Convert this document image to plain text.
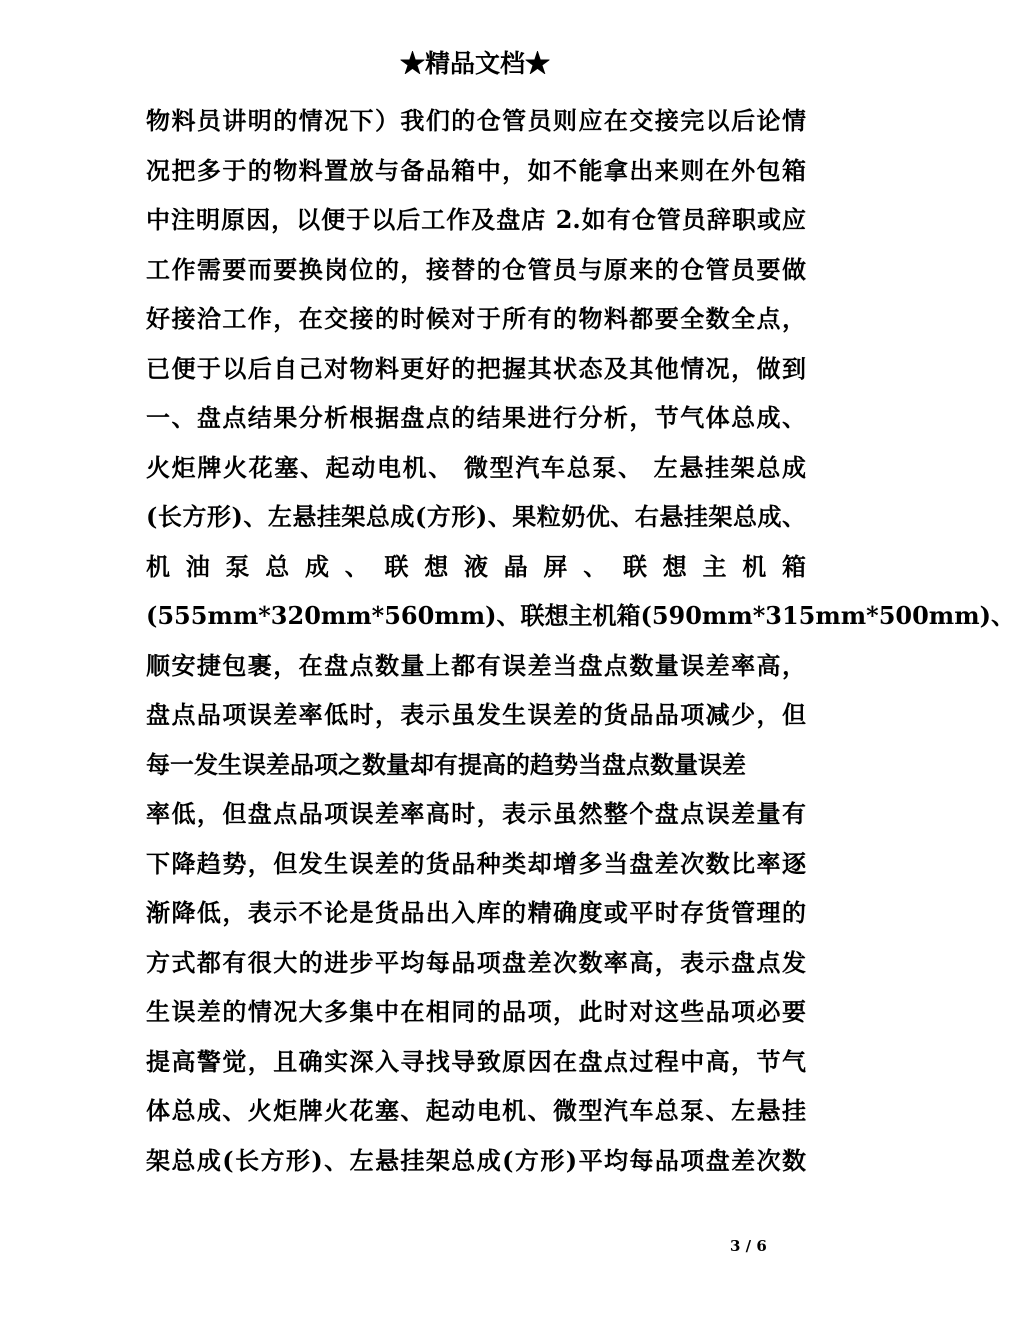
★精品文档★
物料员讲明的情况下）我们的仓管员则应在交接完以后论情
况把多于的物料置放与备品箱中，如不能拿出来则在外包箱
中注明原因，以便于以后工作及盘店 2.如有仓管员辞职或应
工作需要而要换岗位的，接替的仓管员与原来的仓管员要做
好接洽工作，在交接的时候对于所有的物料都要全数全点，
已便于以后自己对物料更好的把握其状态及其他情况，做到
一、盘点结果分析根据盘点的结果进行分析，节气体总成、
火炬牌火花塞、起动电机、 微型汽车总泵、 左悬挂架总成
(长方形)、左悬挂架总成(方形)、果粒奶优、右悬挂架总成、
机 油 泵 总 成 、 联 想 液 晶 屏 、 联 想 主 机 箱
(555mm*320mm*560mm)、联想主机箱(590mm*315mm*500mm)、
顺安捷包裹，在盘点数量上都有误差当盘点数量误差率高，
盘点品项误差率低时，表示虽发生误差的货品品项减少，但
每一发生误差品项之数量却有提高的趋势当盘点数量误差
率低，但盘点品项误差率高时，表示虽然整个盘点误差量有
下降趋势，但发生误差的货品种类却增多当盘差次数比率逐
渐降低，表示不论是货品出入库的精确度或平时存货管理的
方式都有很大的进步平均每品项盘差次数率高，表示盘点发
生误差的情况大多集中在相同的品项，此时对这些品项必要
提高警觉，且确实深入寻找导致原因在盘点过程中高，节气
体总成、火炬牌火花塞、起动电机、微型汽车总泵、左悬挂
架总成(长方形)、左悬挂架总成(方形)平均每品项盘差次数
3 / 6
